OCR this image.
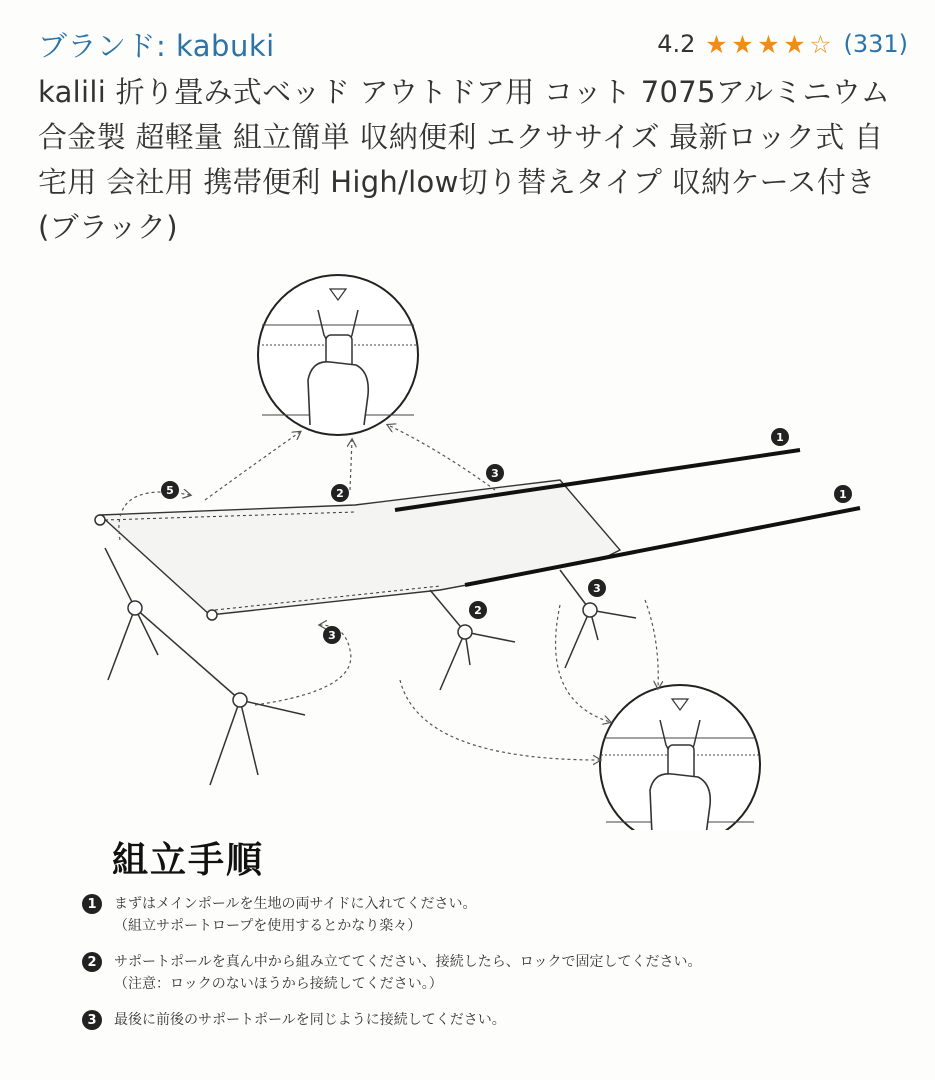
ブランド: kabuki	4.2 ★ ★ ★ ★ ☆ (331)
kalili 折り畳み式ベッド アウトドア用 コット 7075アルミニウム合金製 超軽量 組立簡単 収納便利 エクササイズ 最新ロック式 自宅用 会社用 携帯便利 High/low切り替えタイプ 収納ケース付き (ブラック)
1
1
2
2
3
3
3
5
組立手順
1	まずはメインポールを生地の両サイドに入れてください。
（組立サポートロープを使用するとかなり楽々）
2	サポートポールを真ん中から組み立ててください、接続したら、ロックで固定してください。
（注意：ロックのないほうから接続してください。）
3	最後に前後のサポートポールを同じように接続してください。
